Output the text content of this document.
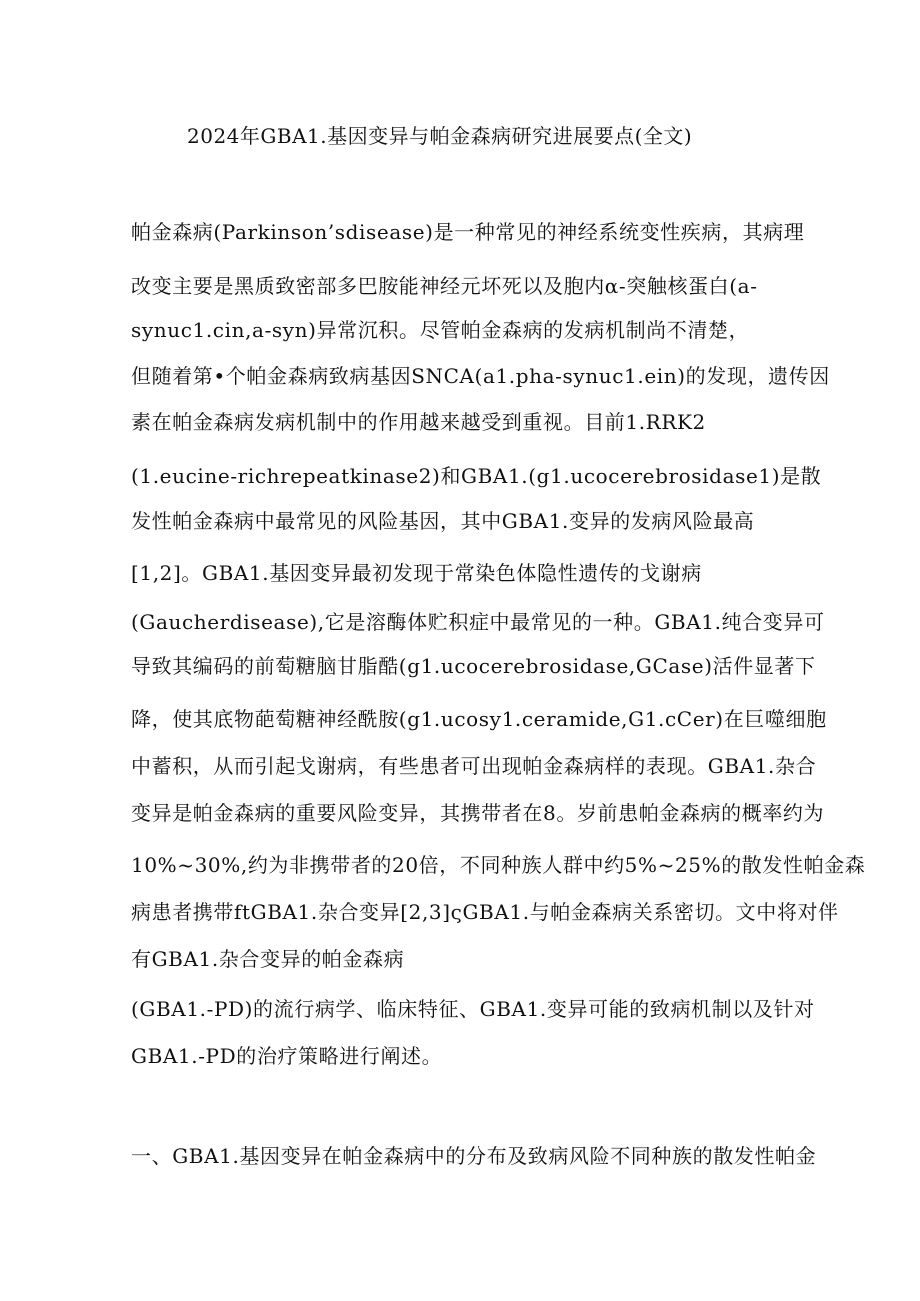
2024年GBA1.基因变异与帕金森病研究进展要点(全文)
帕金森病(Parkinson’sdisease)是一种常见的神经系统变性疾病，其病理
改变主要是黑质致密部多巴胺能神经元坏死以及胞内α-突触核蛋白(a-
synuc1.cin,a-syn)异常沉积。尽管帕金森病的发病机制尚不清楚，
但随着第•个帕金森病致病基因SNCA(a1.pha-synuc1.ein)的发现，遗传因
素在帕金森病发病机制中的作用越来越受到重视。目前1.RRK2
(1.eucine-richrepeatkinase2)和GBA1.(g1.ucocerebrosidase1)是散
发性帕金森病中最常见的风险基因，其中GBA1.变异的发病风险最高
[1,2]。GBA1.基因变异最初发现于常染色体隐性遗传的戈谢病
(Gaucherdisease),它是溶酶体贮积症中最常见的一种。GBA1.纯合变异可
导致其编码的前萄糖脑甘脂酷(g1.ucocerebrosidase,GCase)活件显著下
降，使其底物葩萄糖神经酰胺(g1.ucosy1.ceramide,G1.cCer)在巨噬细胞
中蓄积，从而引起戈谢病，有些患者可出现帕金森病样的表现。GBA1.杂合
变异是帕金森病的重要风险变异，其携带者在8。岁前患帕金森病的概率约为
10%~30%,约为非携带者的20倍，不同种族人群中约5%~25%的散发性帕金森
病患者携带ftGBA1.杂合变异[2,3]ςGBA1.与帕金森病关系密切。文中将对伴
有GBA1.杂合变异的帕金森病
(GBA1.-PD)的流行病学、临床特征、GBA1.变异可能的致病机制以及针对
GBA1.-PD的治疗策略进行阐述。
一、GBA1.基因变异在帕金森病中的分布及致病风险不同种族的散发性帕金
